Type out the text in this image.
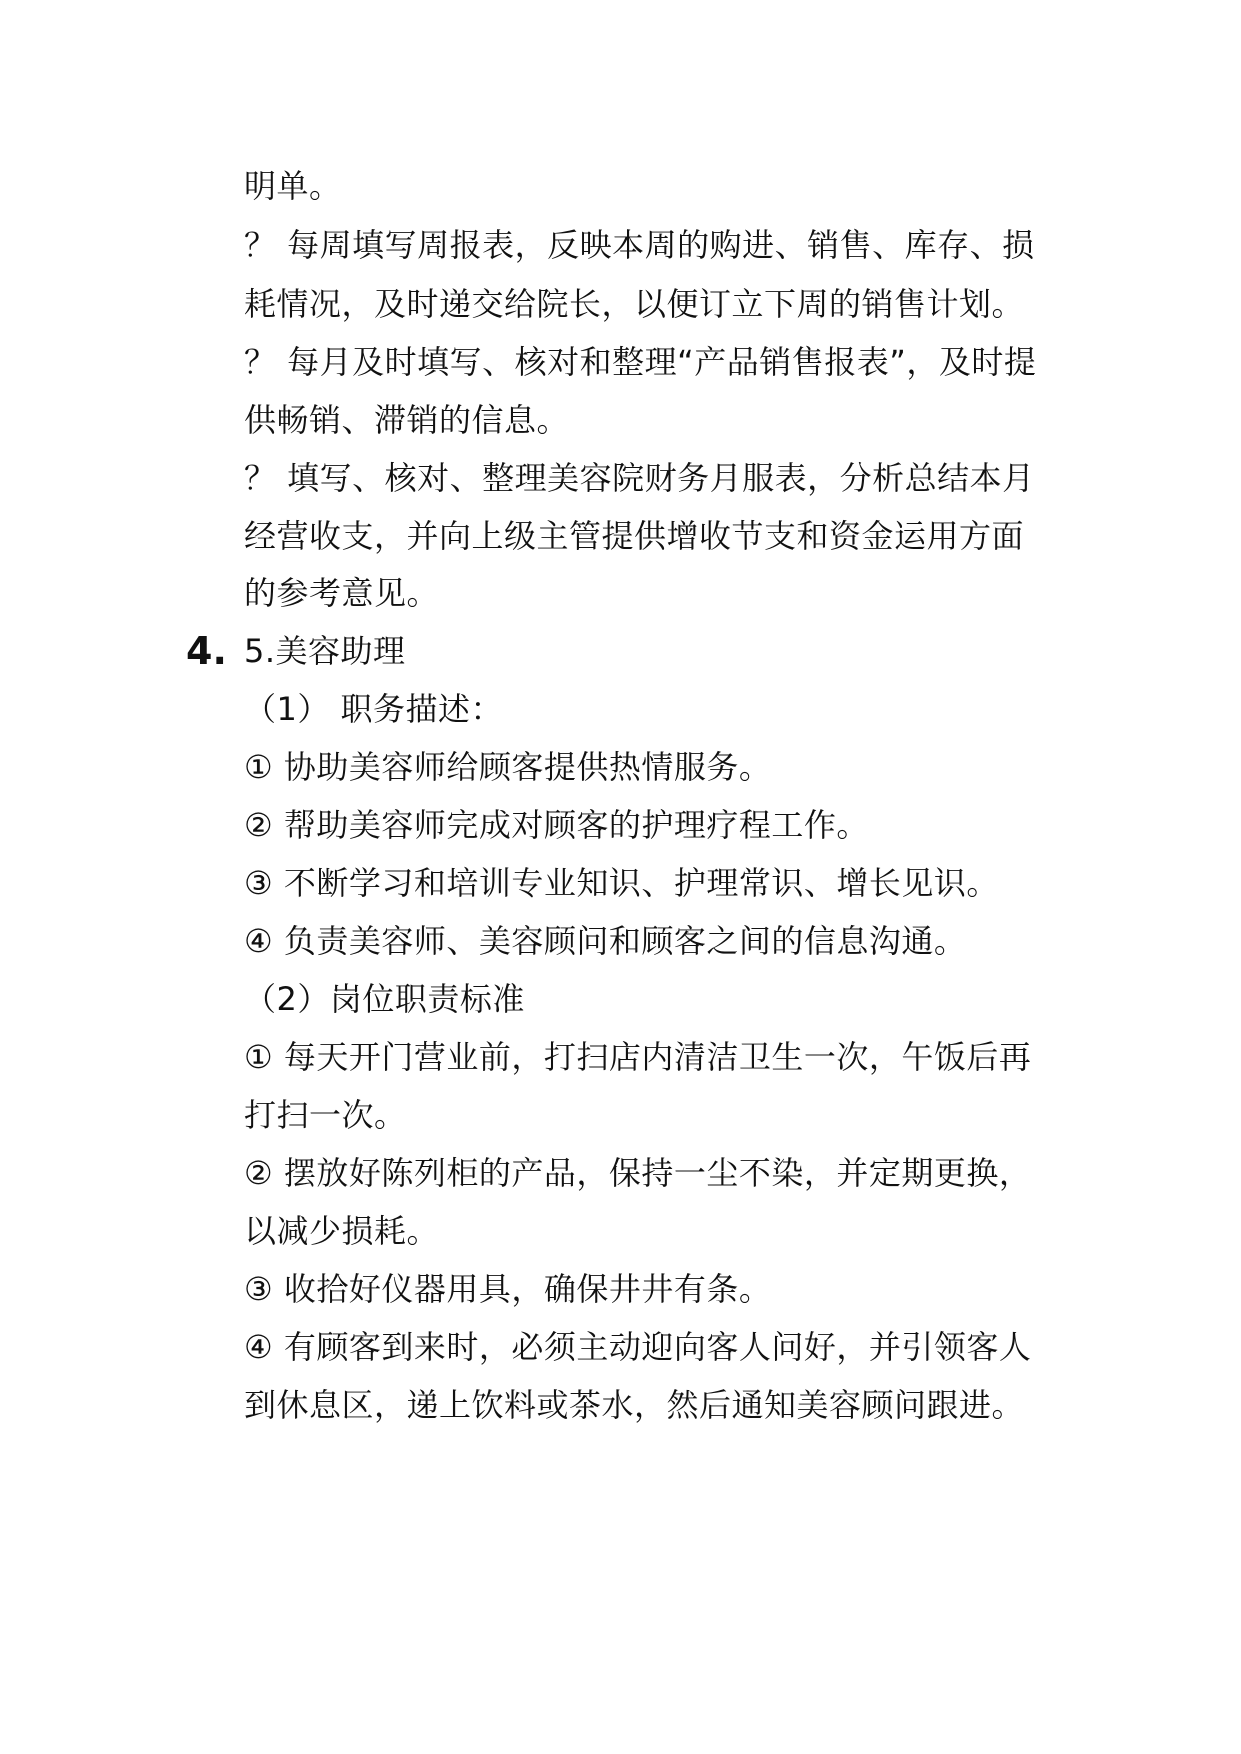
明单。
？ 每周填写周报表，反映本周的购进、销售、库存、损
耗情况，及时递交给院长，以便订立下周的销售计划。
？ 每月及时填写、核对和整理“产品销售报表”，及时提
供畅销、滞销的信息。
？ 填写、核对、整理美容院财务月服表，分析总结本月
经营收支，并向上级主管提供增收节支和资金运用方面
的参考意见。
4. 5.美容助理
（1） 职务描述：
① 协助美容师给顾客提供热情服务。
② 帮助美容师完成对顾客的护理疗程工作。
③ 不断学习和培训专业知识、护理常识、增长见识。
④ 负责美容师、美容顾问和顾客之间的信息沟通。
（2）岗位职责标准
① 每天开门营业前，打扫店内清洁卫生一次，午饭后再
打扫一次。
② 摆放好陈列柜的产品，保持一尘不染，并定期更换，
以减少损耗。
③ 收拾好仪器用具，确保井井有条。
④ 有顾客到来时，必须主动迎向客人问好，并引领客人
到休息区，递上饮料或茶水，然后通知美容顾问跟进。
